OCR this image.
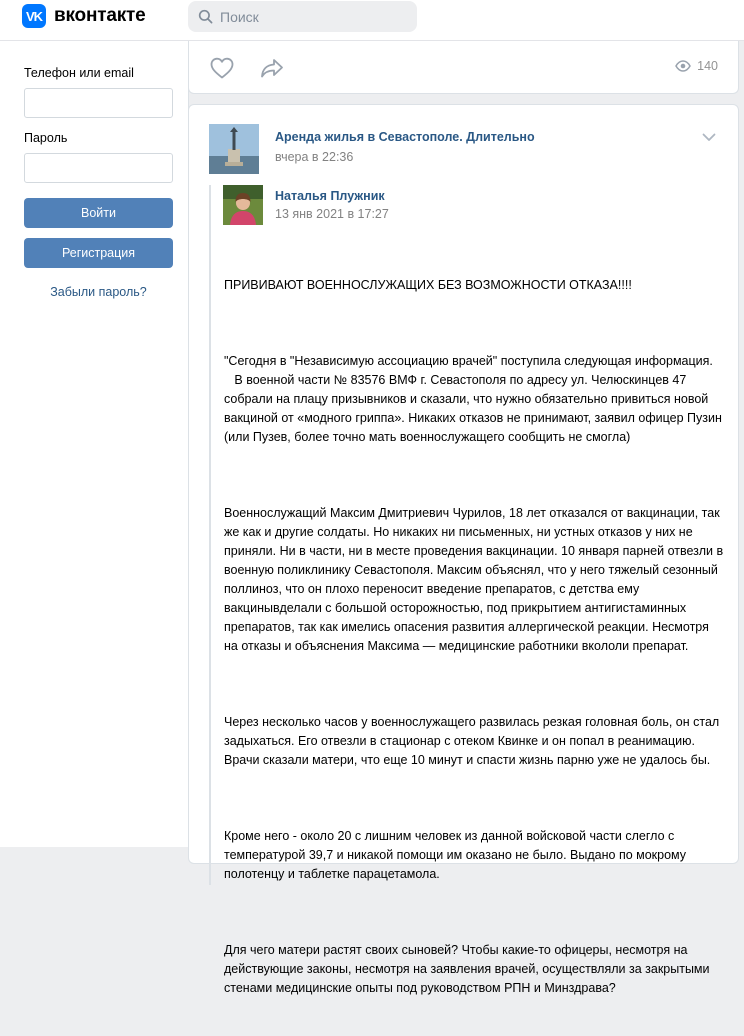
VK вконтакте
Поиск
Телефон или email
Пароль
Войти
Регистрация
Забыли пароль?
140
Аренда жилья в Севастополе. Длительно
вчера в 22:36
Наталья Плужник
13 янв 2021 в 17:27

ПРИВИВАЮТ ВОЕННОСЛУЖАЩИХ БЕЗ ВОЗМОЖНОСТИ ОТКАЗА!!!!

"Сегодня в "Независимую ассоциацию врачей" поступила следующая информация.
В военной части № 83576 ВМФ г. Севастополя по адресу ул. Челюскинцев 47 собрали на плацу призывников и сказали, что нужно обязательно привиться новой вакциной от «модного гриппа». Никаких отказов не принимают, заявил офицер Пузин (или Пузев, более точно мать военнослужащего сообщить не смогла)

Военнослужащий Максим Дмитриевич Чурилов, 18 лет отказался от вакцинации, так же как и другие солдаты. Но никаких ни письменных, ни устных отказов у них не приняли. Ни в части, ни в месте проведения вакцинации. 10 января парней отвезли в военную поликлинику Севастополя. Максим объяснял, что у него тяжелый сезонный поллиноз, что он плохо переносит введение препаратов, с детства ему вакцинывделали с большой осторожностью, под прикрытием антигистаминных препаратов, так как имелись опасения развития аллергической реакции. Несмотря на отказы и объяснения Максима — медицинские работники вкололи препарат.

Через несколько часов у военнослужащего развилась резкая головная боль, он стал задыхаться. Его отвезли в стационар с отеком Квинке и он попал в реанимацию. Врачи сказали матери, что еще 10 минут и спасти жизнь парню уже не удалось бы.

Кроме него - около 20 с лишним человек из данной войсковой части слегло с температурой 39,7 и никакой помощи им оказано не было. Выдано по мокрому полотенцу и таблетке парацетамола.

Для чего матери растят своих сыновей? Чтобы какие-то офицеры, несмотря на действующие законы, несмотря на заявления врачей, осуществляли за закрытыми стенами медицинские опыты под руководством РПН и Минздрава?
